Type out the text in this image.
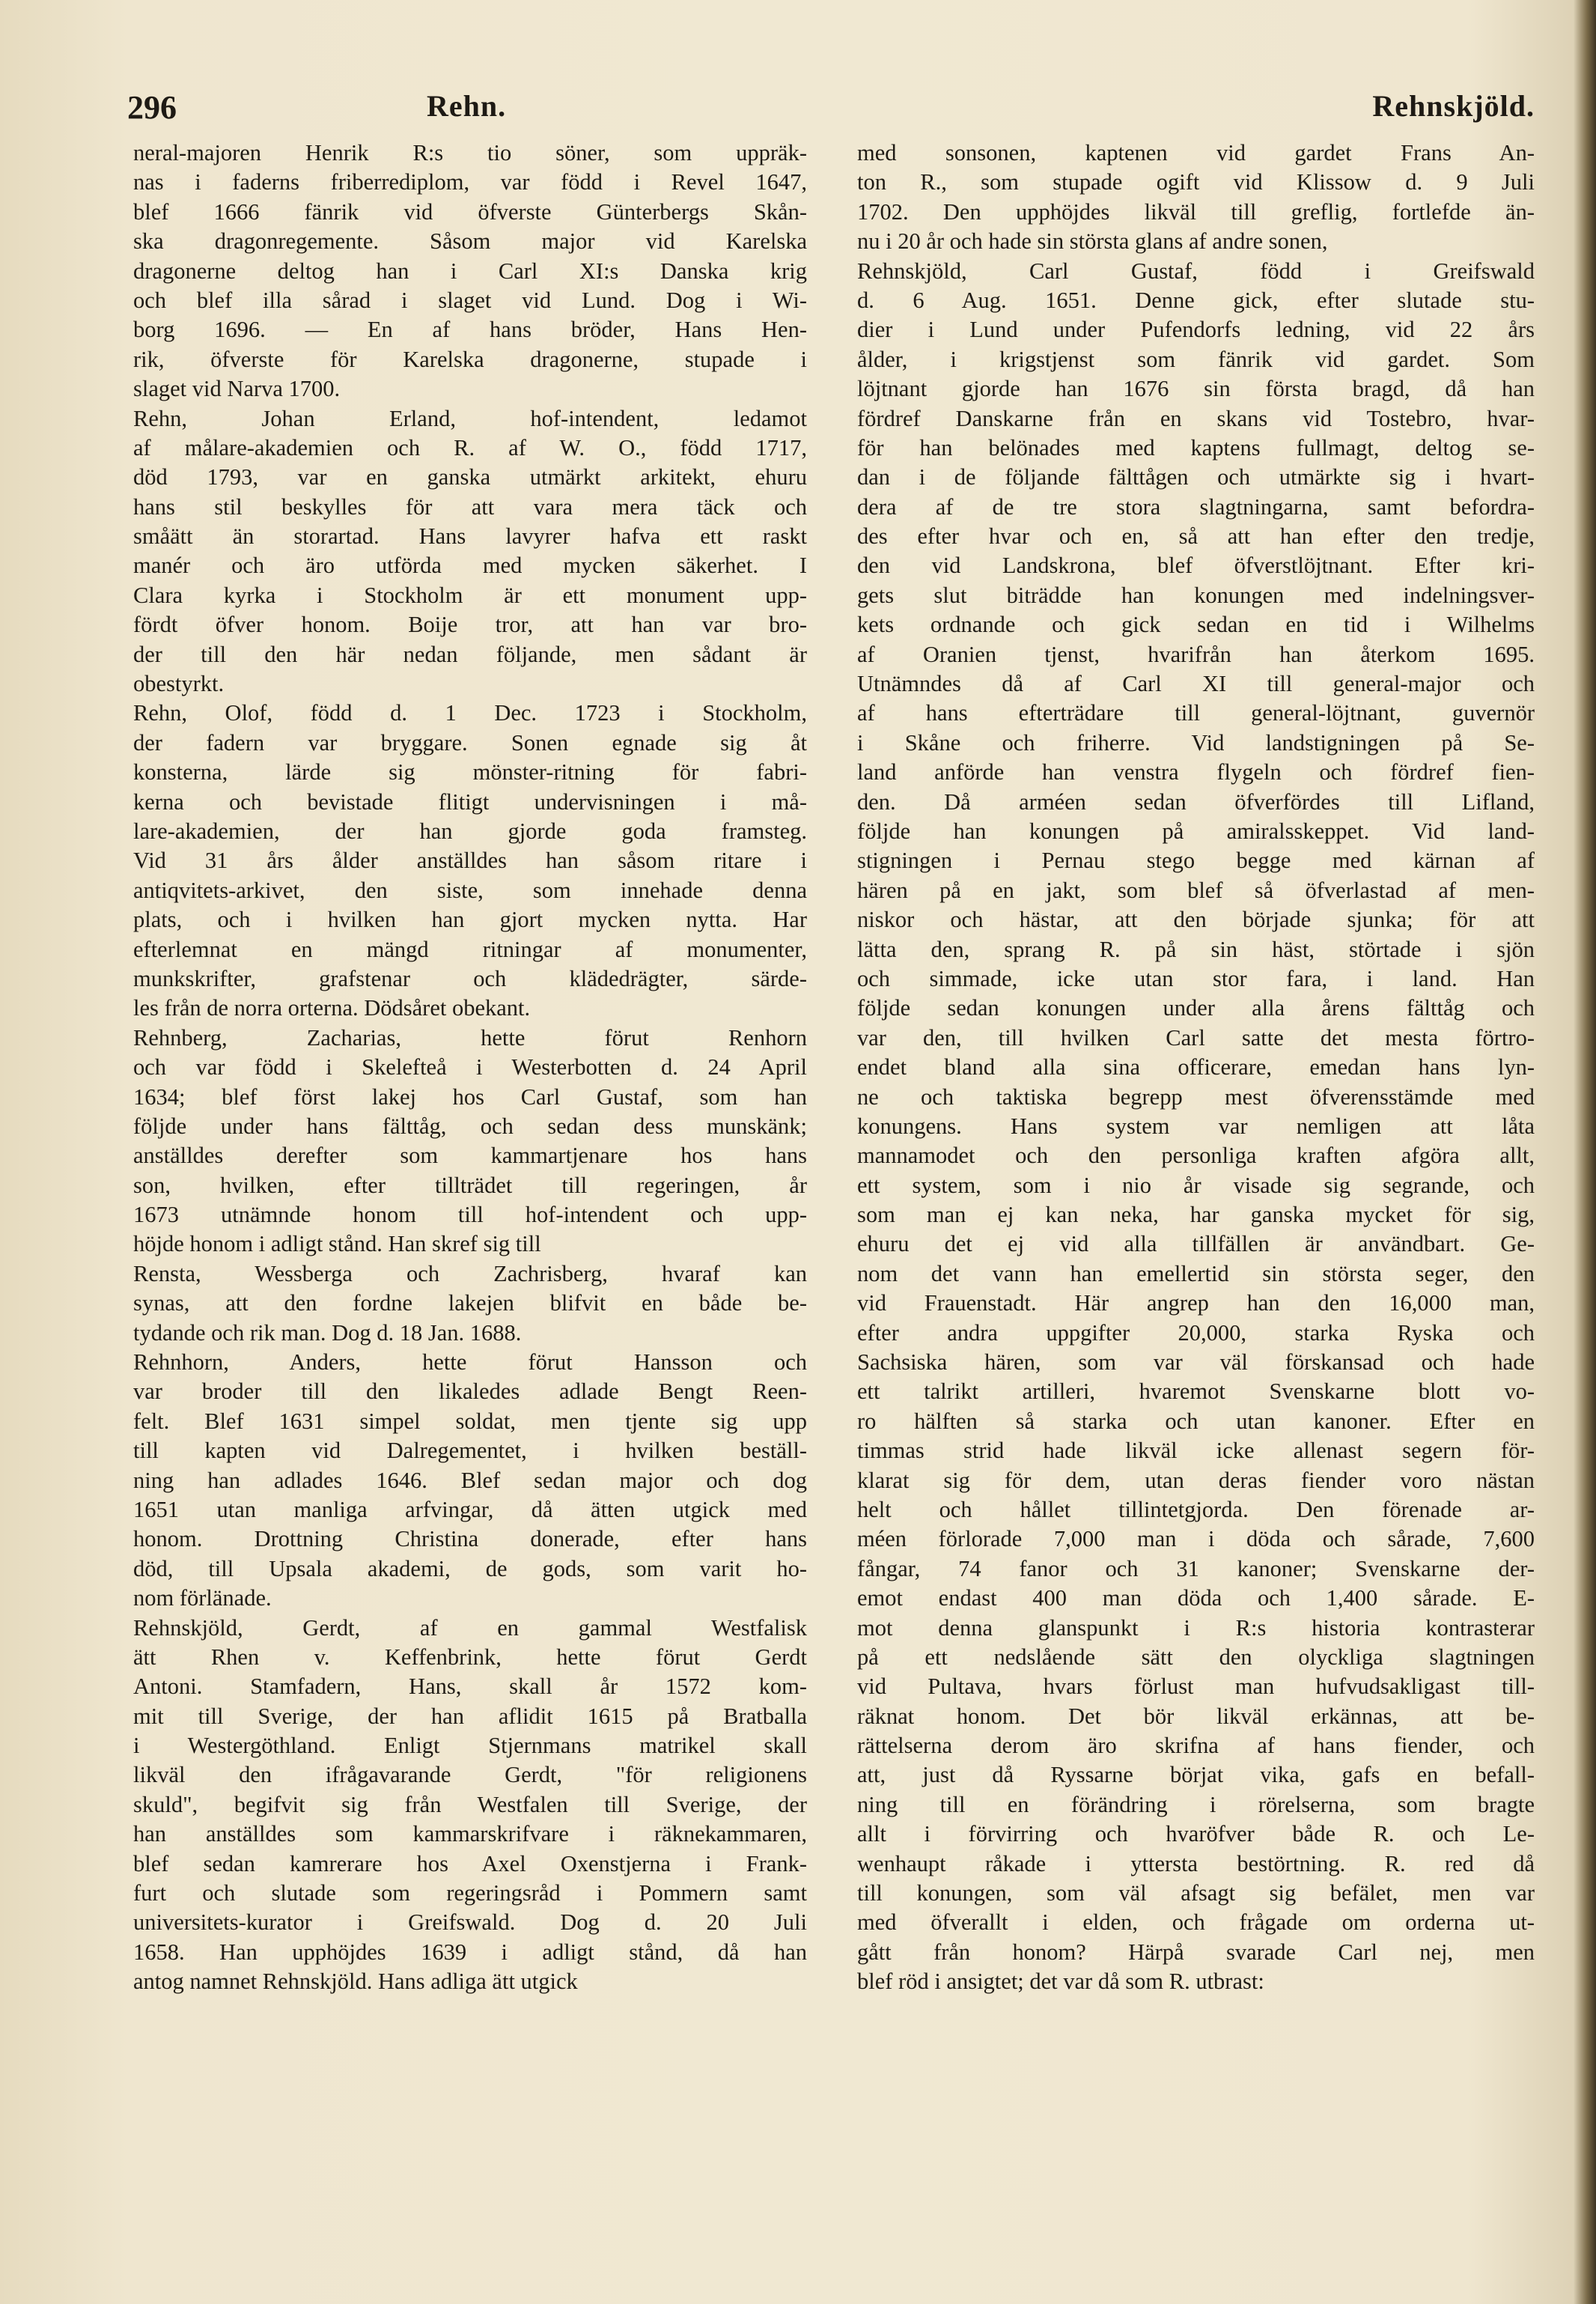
296	Rehn.	Rehnskjöld.
neral-majoren Henrik R:s tio söner, som uppräk-
nas i faderns friberrediplom, var född i Revel 1647,
blef 1666 fänrik vid öfverste Günterbergs Skån-
ska dragonregemente. Såsom major vid Karelska
dragonerne deltog han i Carl XI:s Danska krig
och blef illa sårad i slaget vid Lund. Dog i Wi-
borg 1696. — En af hans bröder, Hans Hen-
rik, öfverste för Karelska dragonerne, stupade i
slaget vid Narva 1700.
Rehn, Johan Erland, hof-intendent, ledamot
af målare-akademien och R. af W. O., född 1717,
död 1793, var en ganska utmärkt arkitekt, ehuru
hans stil beskylles för att vara mera täck och
småätt än storartad. Hans lavyrer hafva ett raskt
manér och äro utförda med mycken säkerhet. I
Clara kyrka i Stockholm är ett monument upp-
fördt öfver honom. Boije tror, att han var bro-
der till den här nedan följande, men sådant är
obestyrkt.
Rehn, Olof, född d. 1 Dec. 1723 i Stockholm,
der fadern var bryggare. Sonen egnade sig åt
konsterna, lärde sig mönster-ritning för fabri-
kerna och bevistade flitigt undervisningen i må-
lare-akademien, der han gjorde goda framsteg.
Vid 31 års ålder anställdes han såsom ritare i
antiqvitets-arkivet, den siste, som innehade denna
plats, och i hvilken han gjort mycken nytta. Har
efterlemnat en mängd ritningar af monumenter,
munkskrifter, grafstenar och klädedrägter, särde-
les från de norra orterna. Dödsåret obekant.
Rehnberg, Zacharias, hette förut Renhorn
och var född i Skelefteå i Westerbotten d. 24 April
1634; blef först lakej hos Carl Gustaf, som han
följde under hans fälttåg, och sedan dess munskänk;
anställdes derefter som kammartjenare hos hans
son, hvilken, efter tillträdet till regeringen, år
1673 utnämnde honom till hof-intendent och upp-
höjde honom i adligt stånd. Han skref sig till
Rensta, Wessberga och Zachrisberg, hvaraf kan
synas, att den fordne lakejen blifvit en både be-
tydande och rik man. Dog d. 18 Jan. 1688.
Rehnhorn, Anders, hette förut Hansson och
var broder till den likaledes adlade Bengt Reen-
felt. Blef 1631 simpel soldat, men tjente sig upp
till kapten vid Dalregementet, i hvilken beställ-
ning han adlades 1646. Blef sedan major och dog
1651 utan manliga arfvingar, då ätten utgick med
honom. Drottning Christina donerade, efter hans
död, till Upsala akademi, de gods, som varit ho-
nom förlänade.
Rehnskjöld, Gerdt, af en gammal Westfalisk
ätt Rhen v. Keffenbrink, hette förut Gerdt
Antoni. Stamfadern, Hans, skall år 1572 kom-
mit till Sverige, der han aflidit 1615 på Bratballa
i Westergöthland. Enligt Stjernmans matrikel skall
likväl den ifrågavarande Gerdt, "för religionens
skuld", begifvit sig från Westfalen till Sverige, der
han anställdes som kammarskrifvare i räknekammaren,
blef sedan kamrerare hos Axel Oxenstjerna i Frank-
furt och slutade som regeringsråd i Pommern samt
universitets-kurator i Greifswald. Dog d. 20 Juli
1658. Han upphöjdes 1639 i adligt stånd, då han
antog namnet Rehnskjöld. Hans adliga ätt utgick
med sonsonen, kaptenen vid gardet Frans An-
ton R., som stupade ogift vid Klissow d. 9 Juli
1702. Den upphöjdes likväl till greflig, fortlefde än-
nu i 20 år och hade sin största glans af andre sonen,
Rehnskjöld, Carl Gustaf, född i Greifswald
d. 6 Aug. 1651. Denne gick, efter slutade stu-
dier i Lund under Pufendorfs ledning, vid 22 års
ålder, i krigstjenst som fänrik vid gardet. Som
löjtnant gjorde han 1676 sin första bragd, då han
fördref Danskarne från en skans vid Tostebro, hvar-
för han belönades med kaptens fullmagt, deltog se-
dan i de följande fälttågen och utmärkte sig i hvart-
dera af de tre stora slagtningarna, samt befordra-
des efter hvar och en, så att han efter den tredje,
den vid Landskrona, blef öfverstlöjtnant. Efter kri-
gets slut biträdde han konungen med indelningsver-
kets ordnande och gick sedan en tid i Wilhelms
af Oranien tjenst, hvarifrån han återkom 1695.
Utnämndes då af Carl XI till general-major och
af hans efterträdare till general-löjtnant, guvernör
i Skåne och friherre. Vid landstigningen på Se-
land anförde han venstra flygeln och fördref fien-
den. Då arméen sedan öfverfördes till Lifland,
följde han konungen på amiralsskeppet. Vid land-
stigningen i Pernau stego begge med kärnan af
hären på en jakt, som blef så öfverlastad af men-
niskor och hästar, att den började sjunka; för att
lätta den, sprang R. på sin häst, störtade i sjön
och simmade, icke utan stor fara, i land. Han
följde sedan konungen under alla årens fälttåg och
var den, till hvilken Carl satte det mesta förtro-
endet bland alla sina officerare, emedan hans lyn-
ne och taktiska begrepp mest öfverensstämde med
konungens. Hans system var nemligen att låta
mannamodet och den personliga kraften afgöra allt,
ett system, som i nio år visade sig segrande, och
som man ej kan neka, har ganska mycket för sig,
ehuru det ej vid alla tillfällen är användbart. Ge-
nom det vann han emellertid sin största seger, den
vid Frauenstadt. Här angrep han den 16,000 man,
efter andra uppgifter 20,000, starka Ryska och
Sachsiska hären, som var väl förskansad och hade
ett talrikt artilleri, hvaremot Svenskarne blott vo-
ro hälften så starka och utan kanoner. Efter en
timmas strid hade likväl icke allenast segern för-
klarat sig för dem, utan deras fiender voro nästan
helt och hållet tillintetgjorda. Den förenade ar-
méen förlorade 7,000 man i döda och sårade, 7,600
fångar, 74 fanor och 31 kanoner; Svenskarne der-
emot endast 400 man döda och 1,400 sårade. E-
mot denna glanspunkt i R:s historia kontrasterar
på ett nedslående sätt den olyckliga slagtningen
vid Pultava, hvars förlust man hufvudsakligast till-
räknat honom. Det bör likväl erkännas, att be-
rättelserna derom äro skrifna af hans fiender, och
att, just då Ryssarne börjat vika, gafs en befall-
ning till en förändring i rörelserna, som bragte
allt i förvirring och hvaröfver både R. och Le-
wenhaupt råkade i yttersta bestörtning. R. red då
till konungen, som väl afsagt sig befälet, men var
med öfverallt i elden, och frågade om orderna ut-
gått från honom? Härpå svarade Carl nej, men
blef röd i ansigtet; det var då som R. utbrast:
